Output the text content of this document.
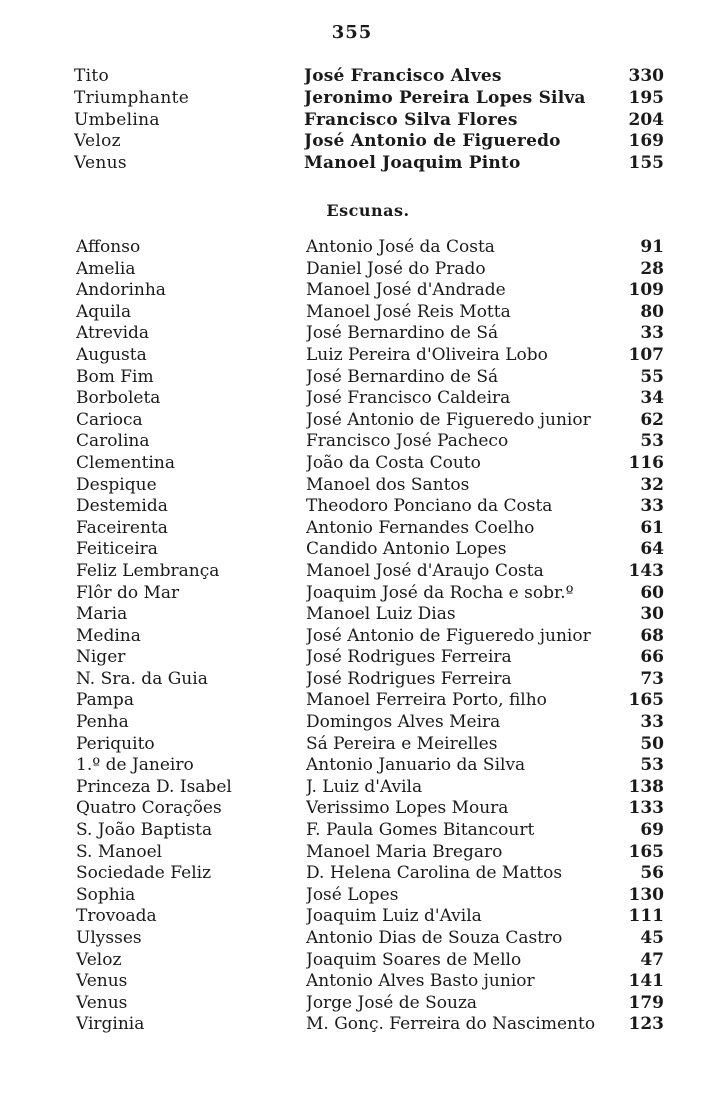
355
Tito	José Francisco Alves	330
Triumphante	Jeronimo Pereira Lopes Silva	195
Umbelina	Francisco Silva Flores	204
Veloz	José Antonio de Figueredo	169
Venus	Manoel Joaquim Pinto	155
Escunas.
Affonso	Antonio José da Costa	91
Amelia	Daniel José do Prado	28
Andorinha	Manoel José d'Andrade	109
Aquila	Manoel José Reis Motta	80
Atrevida	José Bernardino de Sá	33
Augusta	Luiz Pereira d'Oliveira Lobo	107
Bom Fim	José Bernardino de Sá	55
Borboleta	José Francisco Caldeira	34
Carioca	José Antonio de Figueredo junior	62
Carolina	Francisco José Pacheco	53
Clementina	João da Costa Couto	116
Despique	Manoel dos Santos	32
Destemida	Theodoro Ponciano da Costa	33
Faceirenta	Antonio Fernandes Coelho	61
Feiticeira	Candido Antonio Lopes	64
Feliz Lembrança	Manoel José d'Araujo Costa	143
Flôr do Mar	Joaquim José da Rocha e sobr.º	60
Maria	Manoel Luiz Dias	30
Medina	José Antonio de Figueredo junior	68
Niger	José Rodrigues Ferreira	66
N. Sra. da Guia	José Rodrigues Ferreira	73
Pampa	Manoel Ferreira Porto, filho	165
Penha	Domingos Alves Meira	33
Periquito	Sá Pereira e Meirelles	50
1.º de Janeiro	Antonio Januario da Silva	53
Princeza D. Isabel	J. Luiz d'Avila	138
Quatro Corações	Verissimo Lopes Moura	133
S. João Baptista	F. Paula Gomes Bitancourt	69
S. Manoel	Manoel Maria Bregaro	165
Sociedade Feliz	D. Helena Carolina de Mattos	56
Sophia	José Lopes	130
Trovoada	Joaquim Luiz d'Avila	111
Ulysses	Antonio Dias de Souza Castro	45
Veloz	Joaquim Soares de Mello	47
Venus	Antonio Alves Basto junior	141
Venus	Jorge José de Souza	179
Virginia	M. Gonç. Ferreira do Nascimento	123
